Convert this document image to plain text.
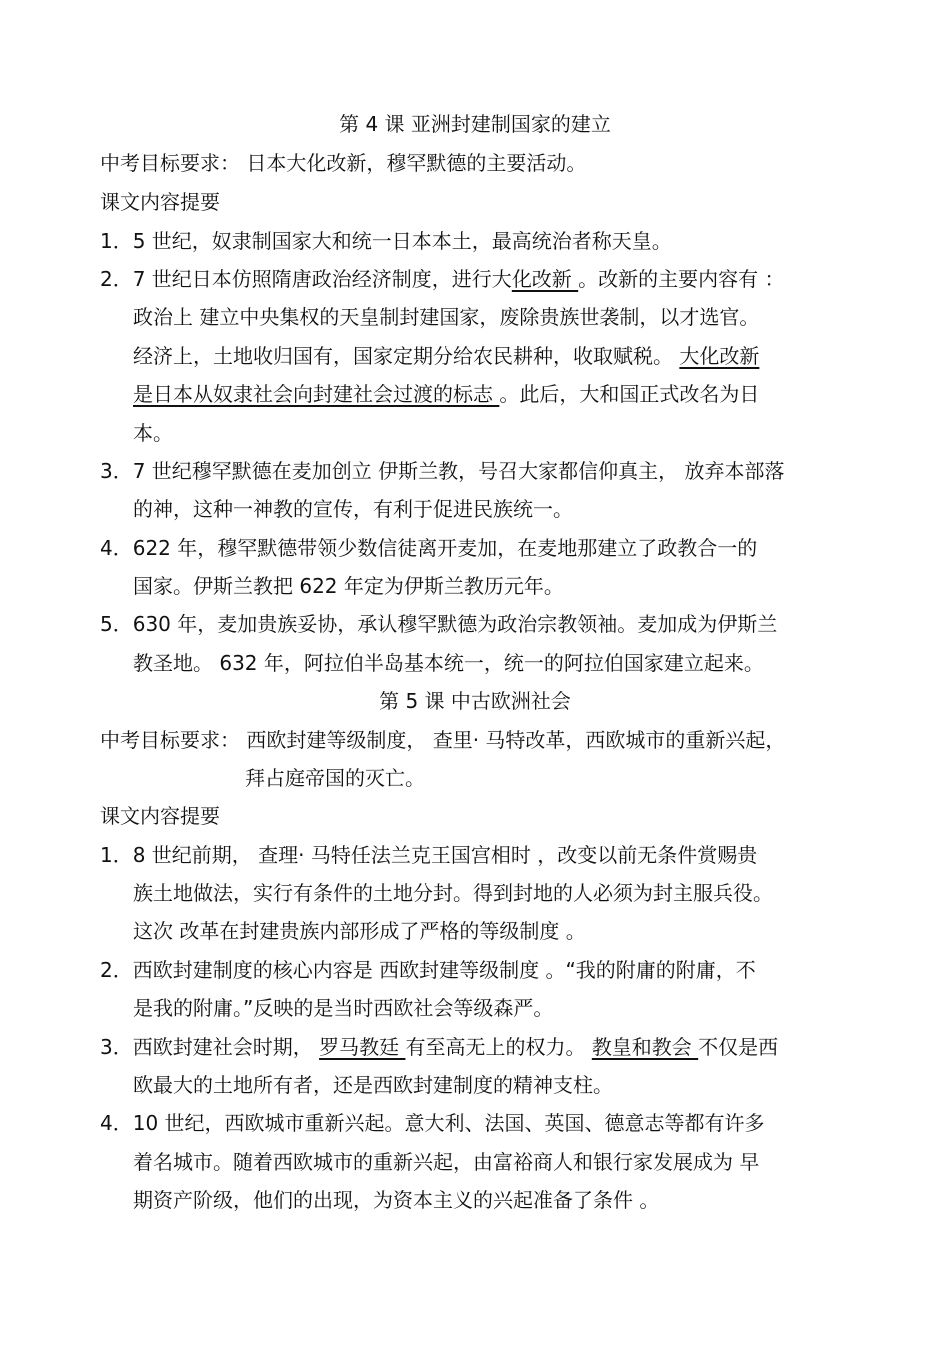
第 4 课 亚洲封建制国家的建立
中考目标要求： 日本大化改新，穆罕默德的主要活动。
课文内容提要
1．5 世纪，奴隶制国家大和统一日本本土，最高统治者称天皇。
2．7 世纪日本仿照隋唐政治经济制度，进行大化改新 。改新的主要内容有 ：
政治上 建立中央集权的天皇制封建国家，废除贵族世袭制，以才选官。
经济上，土地收归国有，国家定期分给农民耕种，收取赋税。 大化改新
是日本从奴隶社会向封建社会过渡的标志 。此后，大和国正式改名为日
本。
3．7 世纪穆罕默德在麦加创立 伊斯兰教，号召大家都信仰真主， 放弃本部落
的神，这种一神教的宣传，有利于促进民族统一。
4．622 年，穆罕默德带领少数信徒离开麦加，在麦地那建立了政教合一的
国家。伊斯兰教把 622 年定为伊斯兰教历元年。
5．630 年，麦加贵族妥协，承认穆罕默德为政治宗教领袖。麦加成为伊斯兰
教圣地。 632 年，阿拉伯半岛基本统一，统一的阿拉伯国家建立起来。
第 5 课 中古欧洲社会
中考目标要求： 西欧封建等级制度， 查里· 马特改革，西欧城市的重新兴起，
拜占庭帝国的灭亡。
课文内容提要
1．8 世纪前期， 查理· 马特任法兰克王国宫相时 ，改变以前无条件赏赐贵
族土地做法，实行有条件的土地分封。得到封地的人必须为封主服兵役。
这次 改革在封建贵族内部形成了严格的等级制度 。
2．西欧封建制度的核心内容是 西欧封建等级制度 。“我的附庸的附庸，不
是我的附庸。”反映的是当时西欧社会等级森严。
3．西欧封建社会时期， 罗马教廷 有至高无上的权力。 教皇和教会 不仅是西
欧最大的土地所有者，还是西欧封建制度的精神支柱。
4．10 世纪，西欧城市重新兴起。意大利、法国、英国、德意志等都有许多
着名城市。随着西欧城市的重新兴起，由富裕商人和银行家发展成为 早
期资产阶级，他们的出现，为资本主义的兴起准备了条件 。
